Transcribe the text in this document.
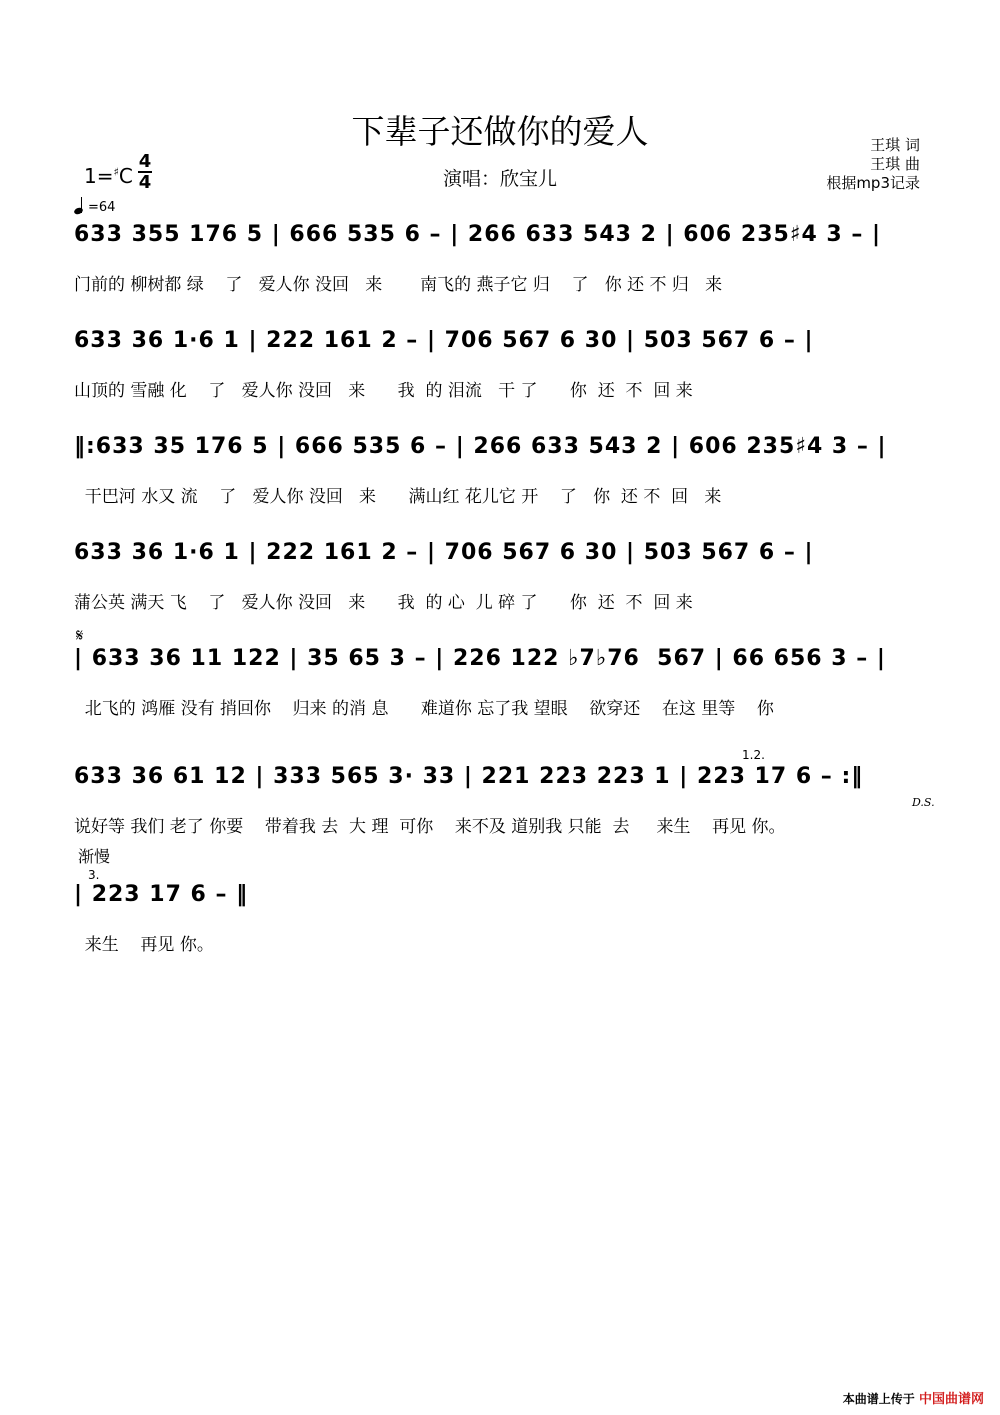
下辈子还做你的爱人	王琪 词
王琪 曲
根据mp3记录
1=♯C
4
4	演唱：欣宝儿
=64
633 355 176 5 | 666 535 6 – | 266 633 543 2 | 606 235♯4 3 – |
门前的 柳树都 绿    了   爱人你 没回   来       南飞的 燕子它 归    了   你 还 不 归   来
633 36 1·6 1 | 222 161 2 – | 706 567 6 30 | 503 567 6 – |
山顶的 雪融 化    了   爱人你 没回   来      我  的 泪流   干 了      你  还  不  回 来
‖:633 35 176 5 | 666 535 6 – | 266 633 543 2 | 606 235♯4 3 – |
干巴河 水又 流    了   爱人你 没回   来      满山红 花儿它 开    了   你  还 不  回   来
633 36 1·6 1 | 222 161 2 – | 706 567 6 30 | 503 567 6 – |
蒲公英 满天 飞    了   爱人你 没回   来      我  的 心  儿 碎 了      你  还  不  回 来
𝄋
| 633 36 11 122 | 35 65 3 – | 226 122 ♭7♭76  567 | 66 656 3 – |
北飞的 鸿雁 没有 捎回你    归来 的消 息      难道你 忘了我 望眼    欲穿还    在这 里等    你
1.2.
633 36 61 12 | 333 565 3· 33 | 221 223 223 1 | 223 17 6 – :‖
说好等 我们 老了 你要    带着我 去  大 理  可你    来不及 道别我 只能  去     来生    再见 你。
D.S.
渐慢
3.
| 223 17 6 – ‖
来生    再见 你。
本曲谱上传于 中国曲谱网
